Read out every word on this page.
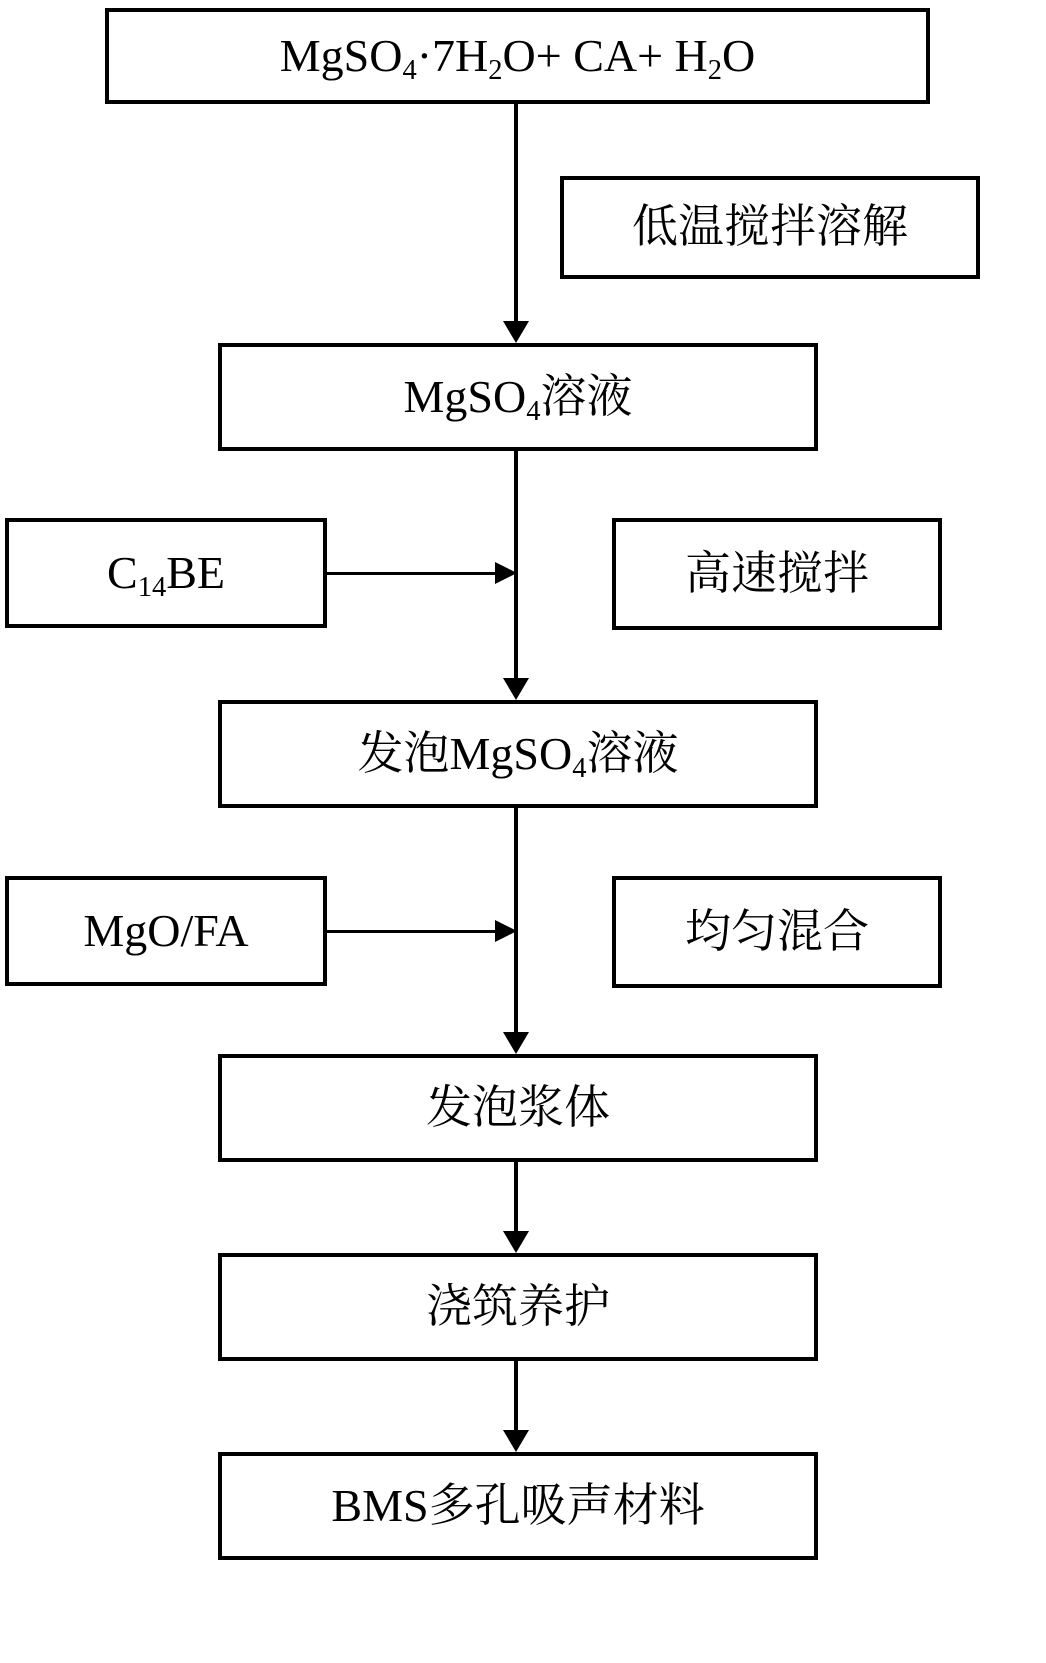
$MgSO_4\cdot 7H_2O+ CA+ H_2O$
低温搅拌溶解
MgSO$_4$溶液
$C_{14}BE$	高速搅拌
发泡MgSO$_4$溶液
MgO/FA	均匀混合
发泡浆体
浇筑养护
BMS多孔吸声材料
